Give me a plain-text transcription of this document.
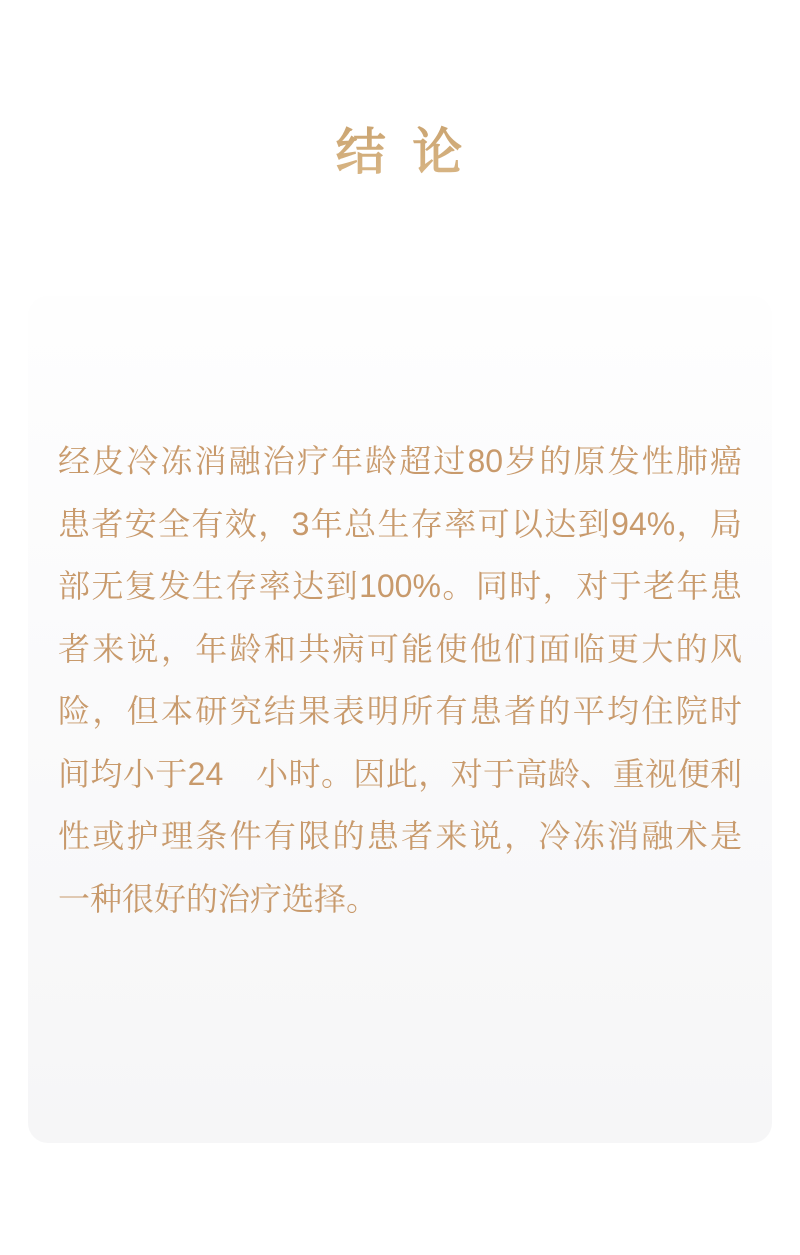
结 论
经皮冷冻消融治疗年龄超过80岁的原发性肺癌
患者安全有效，3年总生存率可以达到94%，局
部无复发生存率达到100%。同时，对于老年患
者来说，年龄和共病可能使他们面临更大的风
险，但本研究结果表明所有患者的平均住院时
间均小于24　小时。因此，对于高龄、重视便利
性或护理条件有限的患者来说，冷冻消融术是
一种很好的治疗选择。
